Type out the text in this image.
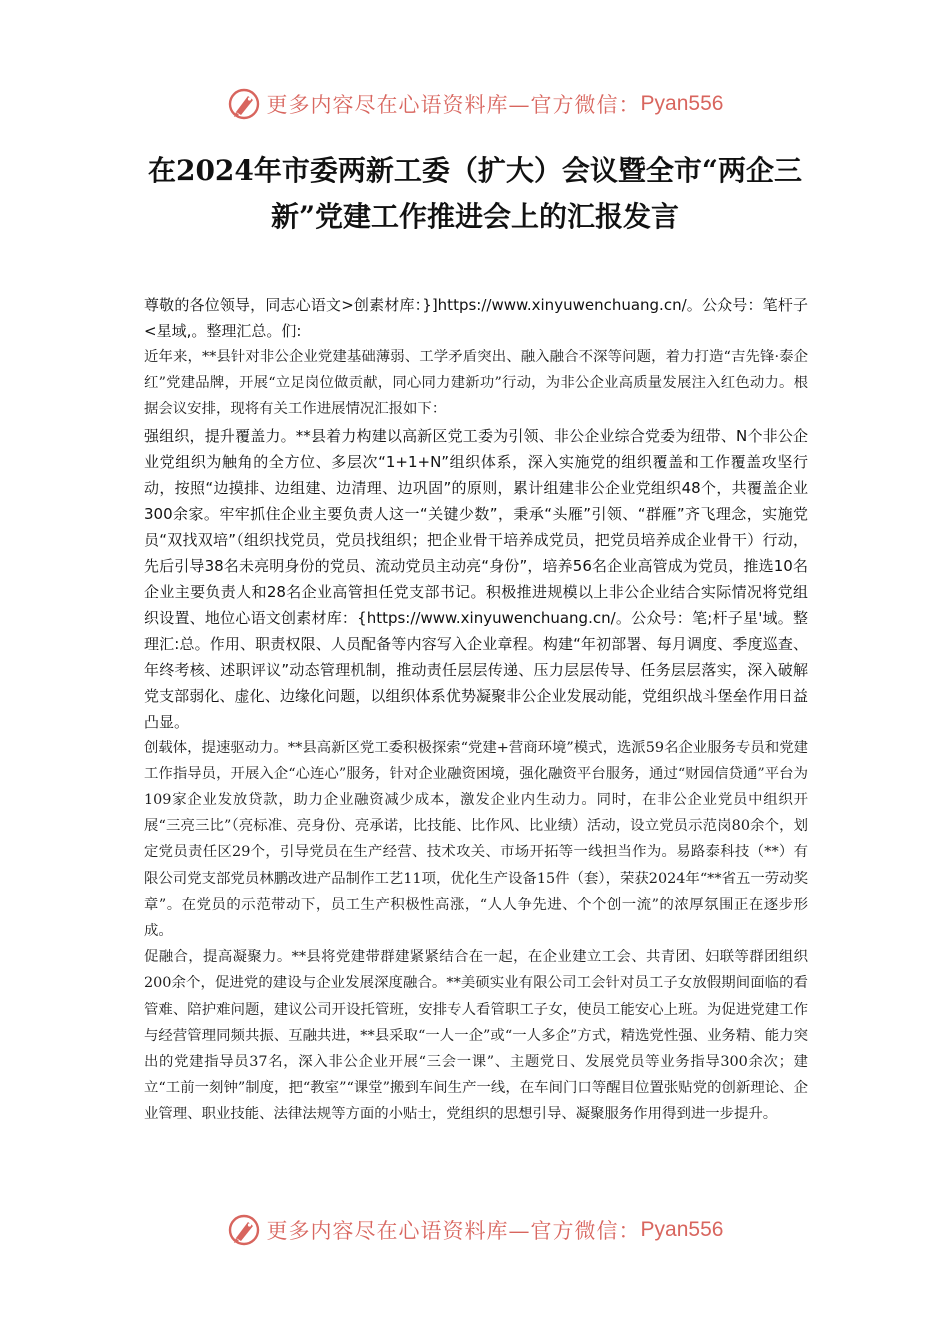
更多内容尽在心语资料库—官方微信： Pyan556
在2024年市委两新工委（扩大）会议暨全市“两企三新”党建工作推进会上的汇报发言

尊敬的各位领导，同志心语文>创素材库：}]https://www.xinyuwenchuang.cn/。公众号：笔杆子<星域,。整理汇总。们:

近年来，**县针对非公企业党建基础薄弱、工学矛盾突出、融入融合不深等问题，着力打造“吉先锋·泰企红”党建品牌，开展“立足岗位做贡献，同心同力建新功”行动，为非公企业高质量发展注入红色动力。根据会议安排，现将有关工作进展情况汇报如下：

强组织，提升覆盖力。**县着力构建以高新区党工委为引领、非公企业综合党委为纽带、N个非公企业党组织为触角的全方位、多层次“1+1+N”组织体系，深入实施党的组织覆盖和工作覆盖攻坚行动，按照“边摸排、边组建、边清理、边巩固”的原则，累计组建非公企业党组织48个，共覆盖企业300余家。牢牢抓住企业主要负责人这一“关键少数”，秉承“头雁”引领、“群雁”齐飞理念，实施党员“双找双培”（组织找党员，党员找组织；把企业骨干培养成党员，把党员培养成企业骨干）行动，先后引导38名未亮明身份的党员、流动党员主动亮“身份”，培养56名企业高管成为党员，推选10名企业主要负责人和28名企业高管担任党支部书记。积极推进规模以上非公企业结合实际情况将党组织设置、地位心语文创素材库：{https://www.xinyuwenchuang.cn/。公众号：笔;杆子星'域。整理汇:总。作用、职责权限、人员配备等内容写入企业章程。构建“年初部署、每月调度、季度巡查、年终考核、述职评议”动态管理机制，推动责任层层传递、压力层层传导、任务层层落实，深入破解党支部弱化、虚化、边缘化问题，以组织体系优势凝聚非公企业发展动能，党组织战斗堡垒作用日益凸显。

创载体，提速驱动力。**县高新区党工委积极探索“党建+营商环境”模式，选派59名企业服务专员和党建工作指导员，开展入企“心连心”服务，针对企业融资困境，强化融资平台服务，通过“财园信贷通”平台为109家企业发放贷款，助力企业融资减少成本，激发企业内生动力。同时，在非公企业党员中组织开展“三亮三比”（亮标准、亮身份、亮承诺，比技能、比作风、比业绩）活动，设立党员示范岗80余个，划定党员责任区29个，引导党员在生产经营、技术攻关、市场开拓等一线担当作为。易路泰科技（**）有限公司党支部党员林鹏改进产品制作工艺11项，优化生产设备15件（套），荣获2024年“**省五一劳动奖章”。在党员的示范带动下，员工生产积极性高涨，“人人争先进、个个创一流”的浓厚氛围正在逐步形成。

促融合，提高凝聚力。**县将党建带群建紧紧结合在一起，在企业建立工会、共青团、妇联等群团组织200余个，促进党的建设与企业发展深度融合。**美硕实业有限公司工会针对员工子女放假期间面临的看管难、陪护难问题，建议公司开设托管班，安排专人看管职工子女，使员工能安心上班。为促进党建工作与经营管理同频共振、互融共进，**县采取“一人一企”或“一人多企”方式，精选党性强、业务精、能力突出的党建指导员37名，深入非公企业开展“三会一课”、主题党日、发展党员等业务指导300余次；建立“工前一刻钟”制度，把“教室”“课堂”搬到车间生产一线，在车间门口等醒目位置张贴党的创新理论、企业管理、职业技能、法律法规等方面的小贴士，党组织的思想引导、凝聚服务作用得到进一步提升。

更多内容尽在心语资料库—官方微信： Pyan556
